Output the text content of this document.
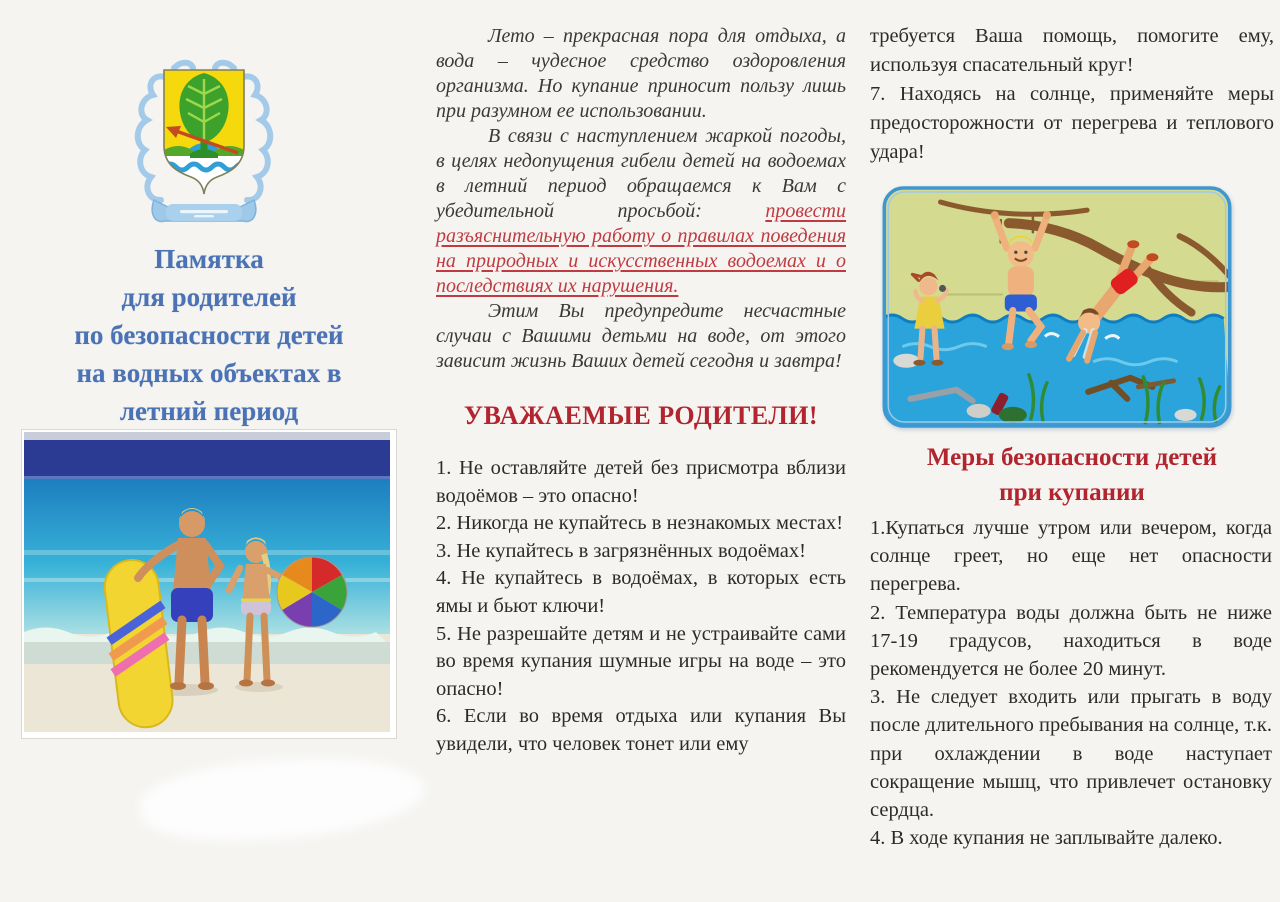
Памятка
для родителей
по безопасности детей
на водных объектах в
летний период

Лето – прекрасная пора для отдыха, а вода – чудесное средство оздоровления организма. Но купание приносит пользу лишь при разумном ее использовании.

В связи с наступлением жаркой погоды, в целях недопущения гибели детей на водоемах в летний период обращаемся к Вам с убедительной просьбой: провести разъяснительную работу о правилах поведения на природных и искусственных водоемах и о последствиях их нарушения.

Этим Вы предупредите несчастные случаи с Вашими детьми на воде, от этого зависит жизнь Ваших детей сегодня и завтра!

УВАЖАЕМЫЕ РОДИТЕЛИ!

1. Не оставляйте детей без присмотра вблизи водоёмов – это опасно!

2. Никогда не купайтесь в незнакомых местах!

3. Не купайтесь в загрязнённых водоёмах!

4. Не купайтесь в водоёмах, в которых есть ямы и бьют ключи!

5. Не разрешайте детям и не устраивайте сами во время купания шумные игры на воде – это опасно!

6. Если во время отдыха или купания Вы увидели, что человек тонет или ему

требуется Ваша помощь, помогите ему, используя спасательный круг!

7. Находясь на солнце, применяйте меры предосторожности от перегрева и теплового удара!

Меры безопасности детей
при купании

1.Купаться лучше утром или вечером, когда солнце греет, но еще нет опасности перегрева.

2. Температура воды должна быть не ниже 17-19 градусов, находиться в воде рекомендуется не более 20 минут.

3. Не следует входить или прыгать в воду после длительного пребывания на солнце, т.к. при охлаждении в воде наступает сокращение мышц, что привлечет остановку сердца.

4. В ходе купания не заплывайте далеко.
